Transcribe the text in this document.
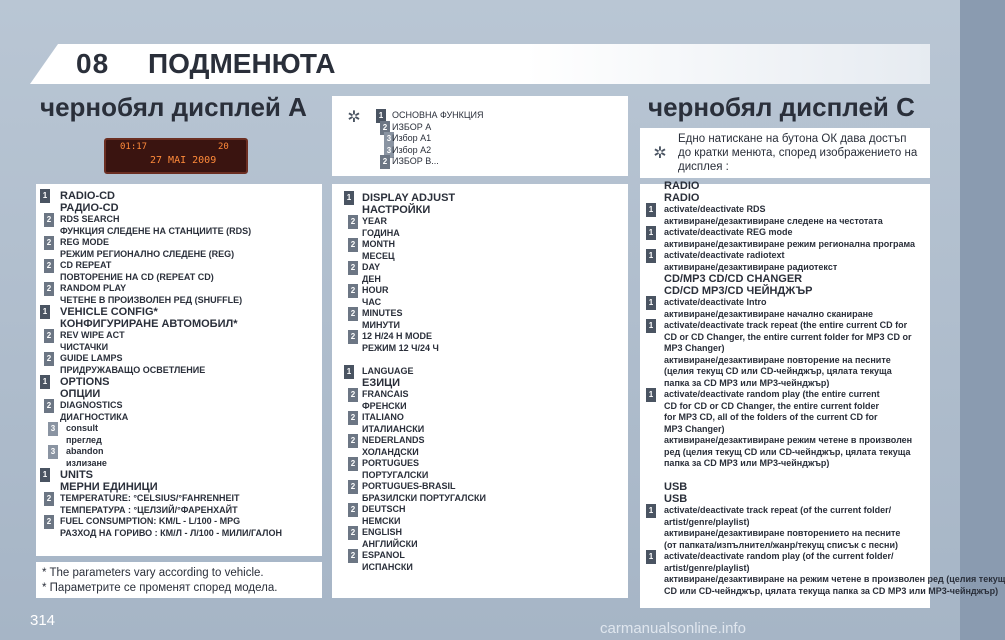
08 ПОДМЕНЮТА
чернобял дисплей А
01:17	20
27 MAI 2009
1 RADIO-CD
РАДИО-CD
2 RDS SEARCH
ФУНКЦИЯ СЛЕДЕНЕ НА СТАНЦИИТЕ (RDS)
2 REG MODE
РЕЖИМ РЕГИОНАЛНО СЛЕДЕНЕ (REG)
2 CD REPEAT
ПОВТОРЕНИЕ НА CD (REPEAT CD)
2 RANDOM PLAY
ЧЕТЕНЕ В ПРОИЗВОЛЕН РЕД (SHUFFLE)
1 VEHICLE CONFIG*
КОНФИГУРИРАНЕ АВТОМОБИЛ*
2 REV WIPE ACT
ЧИСТАЧКИ
2 GUIDE LAMPS
ПРИДРУЖАВАЩО ОСВЕТЛЕНИЕ
1 OPTIONS
ОПЦИИ
2 DIAGNOSTICS
ДИАГНОСТИКА
3	consult
преглед
3	abandon
излизане
1 UNITS
МЕРНИ ЕДИНИЦИ
2 TEMPERATURE: °CELSIUS/°FAHRENHEIT
ТЕМПЕРАТУРА : °ЦЕЛЗИЙ/°ФАРЕНХАЙТ
2 FUEL CONSUMPTION: KM/L - L/100 - MPG
РАЗХОД НА ГОРИВО : КМ/Л - Л/100 - МИЛИ/ГАЛОН
* The parameters vary according to vehicle.
* Параметрите се променят според модела.
✲	1 ОСНОВНА ФУНКЦИЯ
2 ИЗБОР А
3 Избор А1
3 Избор А2
2 ИЗБОР В...
1 DISPLAY ADJUST
НАСТРОЙКИ
2 YEAR
ГОДИНА
2 MONTH
МЕСЕЦ
2 DAY
ДЕН
2 HOUR
ЧАС
2 MINUTES
МИНУТИ
2 12 H/24 H MODE
РЕЖИМ 12 Ч/24 Ч

1	LANGUAGE
ЕЗИЦИ
2 FRANCAIS
ФРЕНСКИ
2 ITALIANO
ИТАЛИАНСКИ
2 NEDERLANDS
ХОЛАНДСКИ
2 PORTUGUES
ПОРТУГАЛСКИ
2 PORTUGUES-BRASIL
БРАЗИЛСКИ ПОРТУГАЛСКИ
2 DEUTSCH
НЕМСКИ
2 ENGLISH
АНГЛИЙСКИ
2 ESPANOL
ИСПАНСКИ
чернобял дисплей С
✲
Едно натискане на бутона ОК дава достъп до кратки менюта, според изображението на дисплея :
RADIO
RADIO
1	activate/deactivate RDS
активиране/дезактивиране следене на честотата
1	activate/deactivate REG mode
активиране/дезактивиране режим регионална програма
1	activate/deactivate radiotext
активиране/дезактивиране радиотекст
CD/MP3 CD/CD CHANGER
CD/CD MP3/CD ЧЕЙНДЖЪР
1	activate/deactivate Intro
активиране/дезактивиране начално сканиране
1	activate/deactivate track repeat (the entire current CD for
CD or CD Changer, the entire current folder for MP3 CD or
MP3 Changer)
активиране/дезактивиране повторение на песните
(целия текущ CD или CD-чейнджър, цялата текуща
папка за CD MP3 или MP3-чейнджър)
1	activate/deactivate random play (the entire current
CD for CD or CD Changer, the entire current folder
for MP3 CD, all of the folders of the current CD for
MP3 Changer)
активиране/дезактивиране режим четене в произволен
ред (целия текущ CD или CD-чейнджър, цялата текуща
папка за CD MP3 или MP3-чейнджър)

USB
USB
1	activate/deactivate track repeat (of the current folder/
artist/genre/playlist)
активиране/дезактивиране повторението на песните
(от папката/изпълнител/жанр/текущ списък с песни)
1	activate/deactivate random play (of the current folder/
artist/genre/playlist)
активиране/дезактивиране на режим четене в произволен ред (целия текущ
CD или CD-чейнджър, цялата текуща папка за CD MP3 или MP3-чейнджър)
314	carmanualsonline.info
